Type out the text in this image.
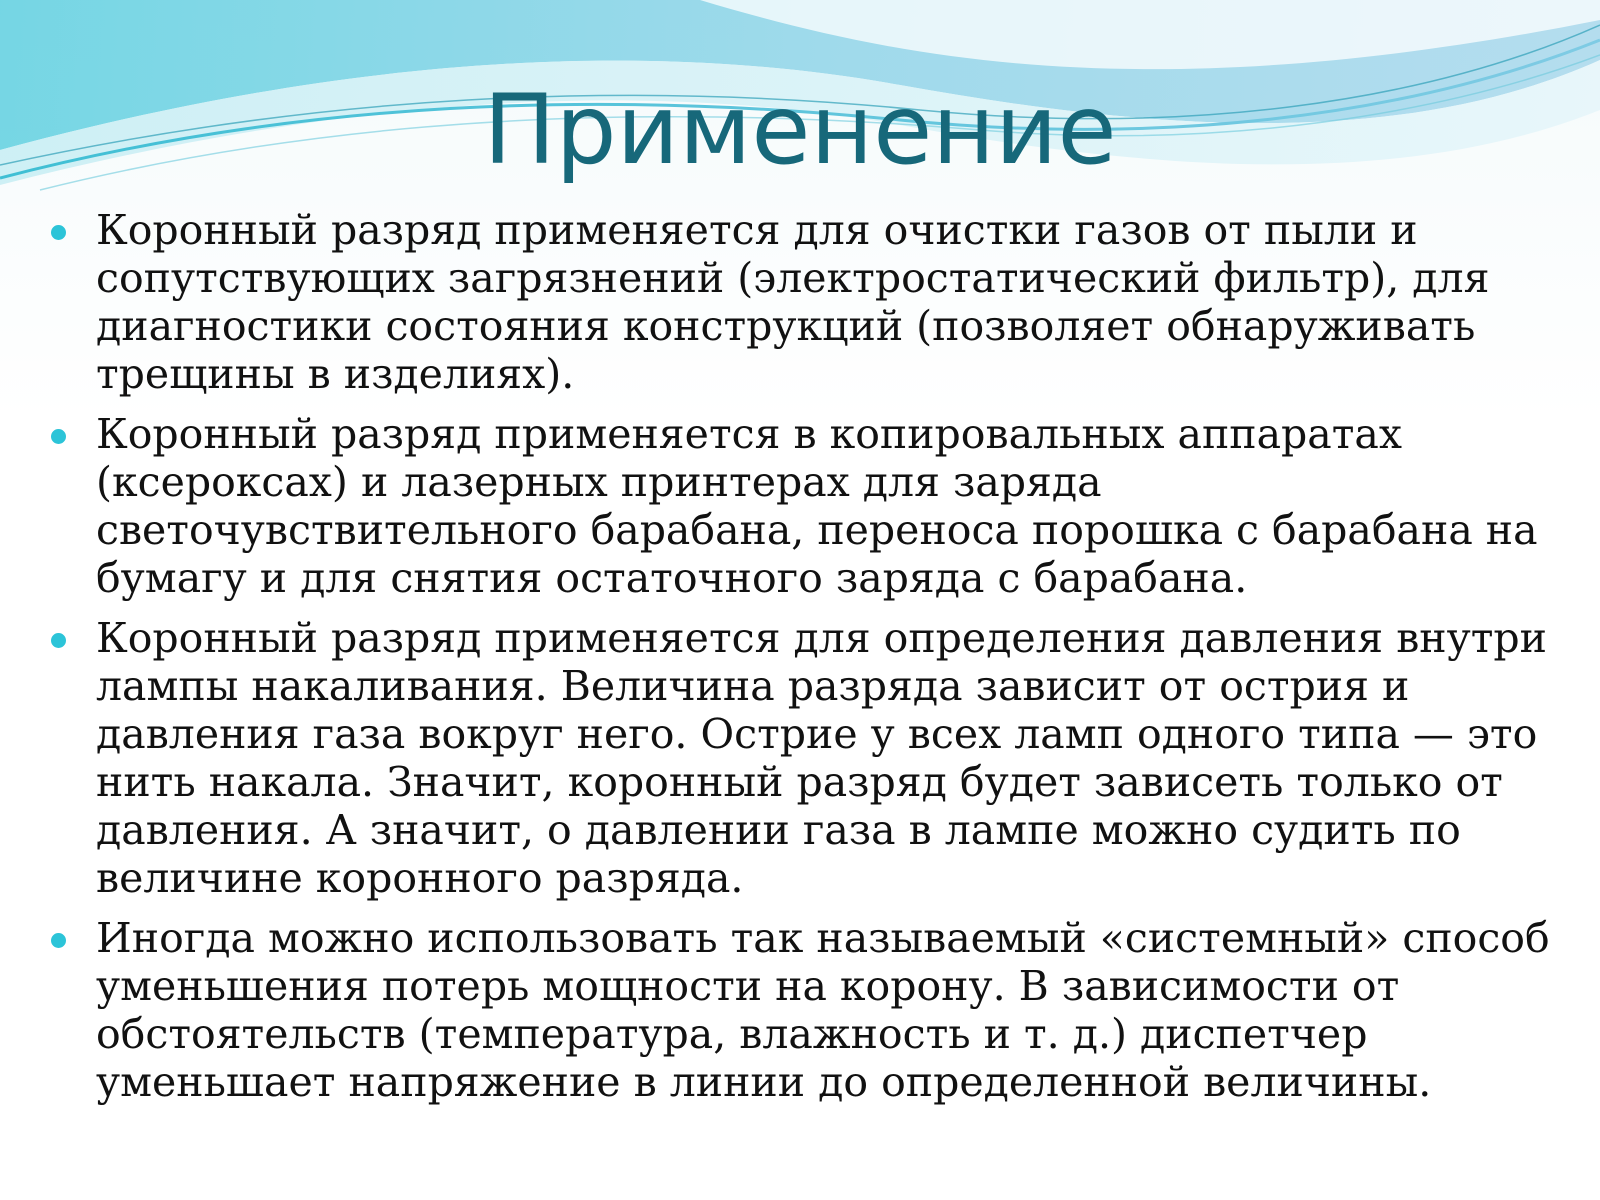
Применение
Коронный разряд применяется для очистки газов от пыли и сопутствующих загрязнений (электростатический фильтр), для диагностики состояния конструкций (позволяет обнаруживать трещины в изделиях).
Коронный разряд применяется в копировальных аппаратах (ксероксах) и лазерных принтерах для заряда светочувствительного барабана, переноса порошка с барабана на бумагу и для снятия остаточного заряда с барабана.
Коронный разряд применяется для определения давления внутри лампы накаливания. Величина разряда зависит от острия и давления газа вокруг него. Острие у всех ламп одного типа — это нить накала. Значит, коронный разряд будет зависеть только от давления. А значит, о давлении газа в лампе можно судить по величине коронного разряда.
Иногда можно использовать так называемый «системный» способ уменьшения потерь мощности на корону. В зависимости от обстоятельств (температура, влажность и т. д.) диспетчер уменьшает напряжение в линии до определенной величины.
